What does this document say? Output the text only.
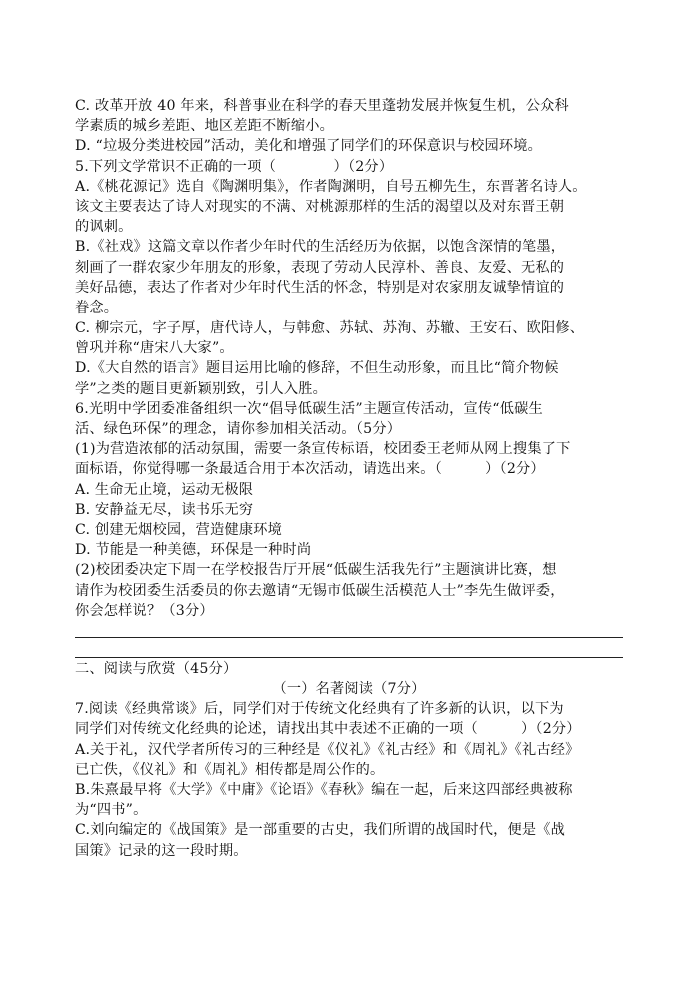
C. 改革开放 40 年来，科普事业在科学的春天里蓬勃发展并恢复生机，公众科
学素质的城乡差距、地区差距不断缩小。
D. “垃圾分类进校园”活动，美化和增强了同学们的环保意识与校园环境。
5.下列文学常识不正确的一项（　　　　）（2分）
A.《桃花源记》选自《陶渊明集》，作者陶渊明，自号五柳先生，东晋著名诗人。
该文主要表达了诗人对现实的不满、对桃源那样的生活的渴望以及对东晋王朝
的讽刺。
B.《社戏》这篇文章以作者少年时代的生活经历为依据，以饱含深情的笔墨，
刻画了一群农家少年朋友的形象，表现了劳动人民淳朴、善良、友爱、无私的
美好品德，表达了作者对少年时代生活的怀念，特别是对农家朋友诚挚情谊的
眷念。
C. 柳宗元，字子厚，唐代诗人，与韩愈、苏轼、苏洵、苏辙、王安石、欧阳修、
曾巩并称“唐宋八大家”。
D.《大自然的语言》题目运用比喻的修辞，不但生动形象，而且比“简介物候
学”之类的题目更新颖别致，引人入胜。
6.光明中学团委准备组织一次“倡导低碳生活”主题宣传活动，宣传“低碳生
活、绿色环保”的理念，请你参加相关活动。（5分）
(1)为营造浓郁的活动氛围，需要一条宣传标语，校团委王老师从网上搜集了下
面标语，你觉得哪一条最适合用于本次活动，请选出来。（　　　）（2分）
A. 生命无止境，运动无极限
B. 安静益无尽，读书乐无穷
C. 创建无烟校园，营造健康环境
D. 节能是一种美德，环保是一种时尚
(2)校团委决定下周一在学校报告厅开展“低碳生活我先行”主题演讲比赛，想
请作为校团委生活委员的你去邀请“无锡市低碳生活模范人士”李先生做评委，
你会怎样说？（3分）
二、阅读与欣赏（45分）
（一）名著阅读（7分）
7.阅读《经典常谈》后，同学们对于传统文化经典有了许多新的认识，以下为
同学们对传统文化经典的论述，请找出其中表述不正确的一项（　　　）（2分）
A.关于礼，汉代学者所传习的三种经是《仪礼》《礼古经》和《周礼》《礼古经》
已亡佚，《仪礼》和《周礼》相传都是周公作的。
B.朱熹最早将《大学》《中庸》《论语》《春秋》编在一起，后来这四部经典被称
为“四书”。
C.刘向编定的《战国策》是一部重要的古史，我们所谓的战国时代，便是《战
国策》记录的这一段时期。
